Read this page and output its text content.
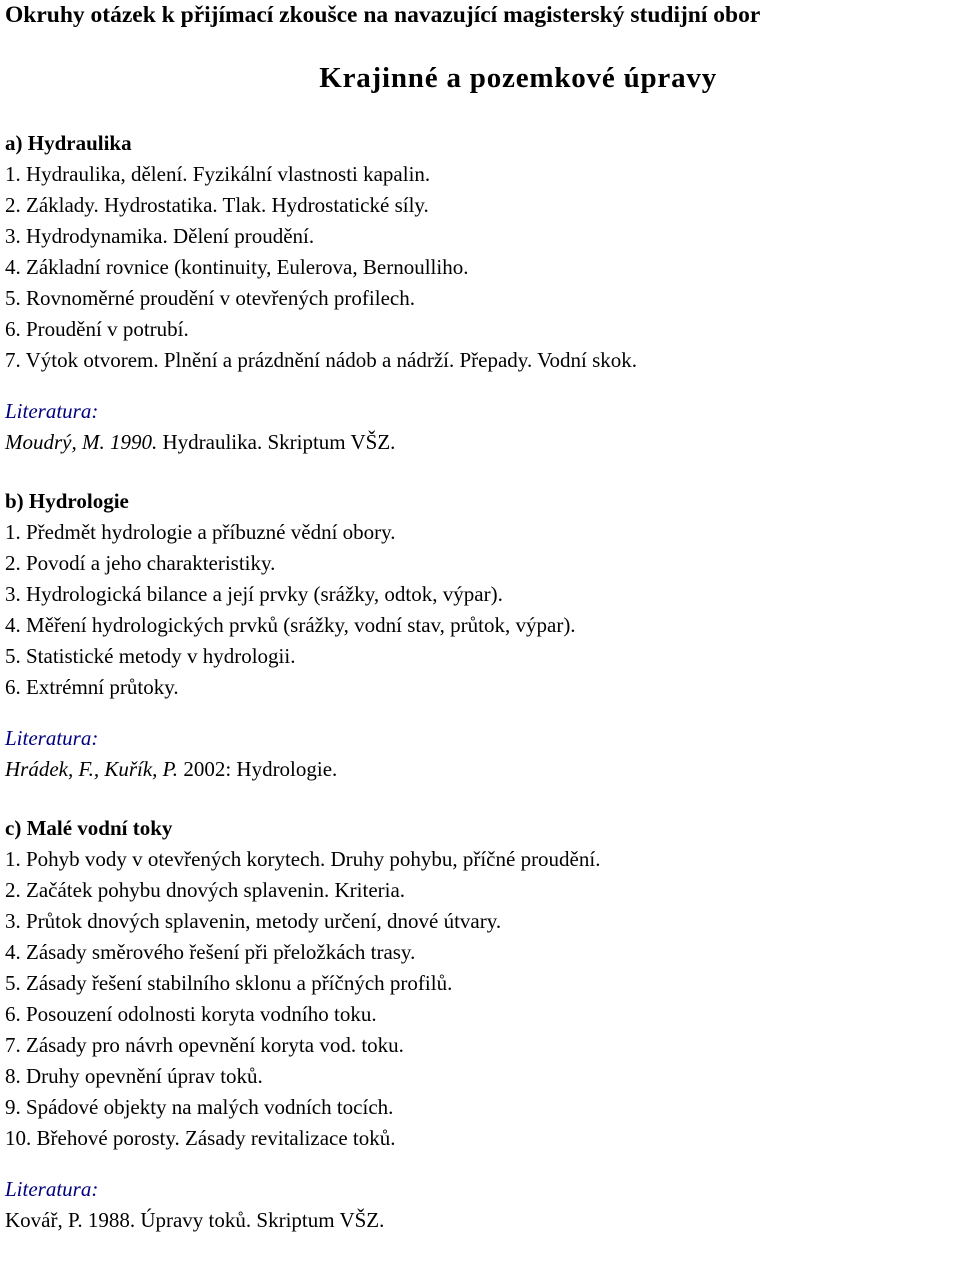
Okruhy otázek k přijímací zkoušce na navazující magisterský studijní obor
Krajinné a pozemkové úpravy
a) Hydraulika
1. Hydraulika, dělení. Fyzikální vlastnosti kapalin.
2. Základy. Hydrostatika. Tlak. Hydrostatické síly.
3. Hydrodynamika. Dělení proudění.
4. Základní rovnice (kontinuity, Eulerova, Bernoulliho.
5. Rovnoměrné proudění v otevřených profilech.
6. Proudění v potrubí.
7. Výtok otvorem. Plnění a prázdnění nádob a nádrží. Přepady. Vodní skok.
Literatura:
Moudrý, M. 1990. Hydraulika. Skriptum VŠZ.
b) Hydrologie
1. Předmět hydrologie a příbuzné vědní obory.
2. Povodí a jeho charakteristiky.
3. Hydrologická bilance a její prvky (srážky, odtok, výpar).
4. Měření hydrologických prvků (srážky, vodní stav, průtok, výpar).
5. Statistické metody v hydrologii.
6. Extrémní průtoky.
Literatura:
Hrádek, F., Kuřík, P. 2002: Hydrologie.
c) Malé vodní toky
1. Pohyb vody v otevřených korytech. Druhy pohybu, příčné proudění.
2. Začátek pohybu dnových splavenin. Kriteria.
3. Průtok dnových splavenin, metody určení, dnové útvary.
4. Zásady směrového řešení při přeložkách trasy.
5. Zásady řešení stabilního sklonu a příčných profilů.
6. Posouzení odolnosti koryta vodního toku.
7. Zásady pro návrh opevnění koryta vod. toku.
8. Druhy opevnění úprav toků.
9. Spádové objekty na malých vodních tocích.
10. Břehové porosty. Zásady revitalizace toků.
Literatura:
Kovář, P. 1988. Úpravy toků. Skriptum VŠZ.
